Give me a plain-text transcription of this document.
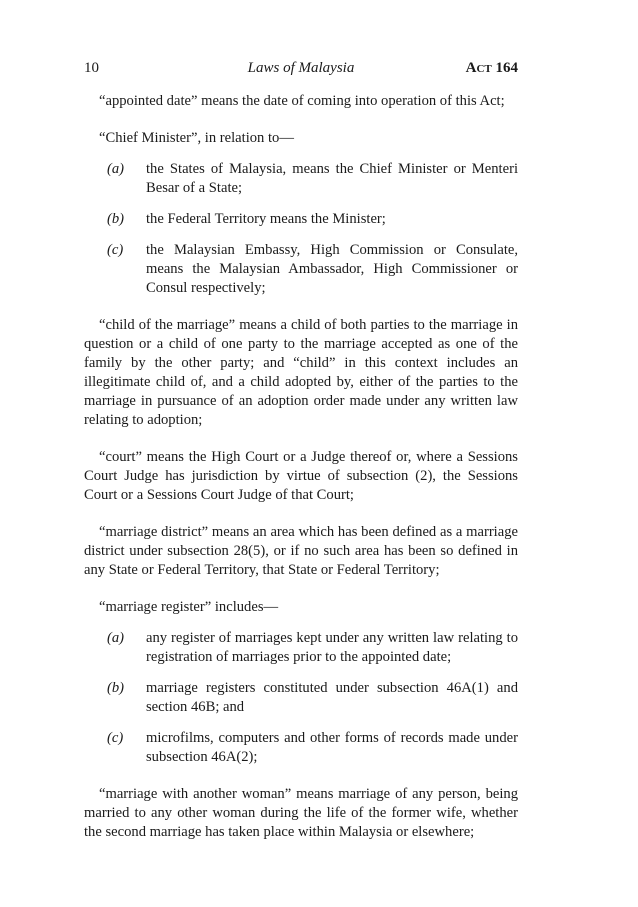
10	Laws of Malaysia	Act 164

“appointed date” means the date of coming into operation of this Act;

“Chief Minister”, in relation to—

(a) the States of Malaysia, means the Chief Minister or Menteri Besar of a State;
(b) the Federal Territory means the Minister;
(c) the Malaysian Embassy, High Commission or Consulate, means the Malaysian Ambassador, High Commissioner or Consul respectively;

“child of the marriage” means a child of both parties to the marriage in question or a child of one party to the marriage accepted as one of the family by the other party; and “child” in this context includes an illegitimate child of, and a child adopted by, either of the parties to the marriage in pursuance of an adoption order made under any written law relating to adoption;

“court” means the High Court or a Judge thereof or, where a Sessions Court Judge has jurisdiction by virtue of subsection (2), the Sessions Court or a Sessions Court Judge of that Court;

“marriage district” means an area which has been defined as a marriage district under subsection 28(5), or if no such area has been so defined in any State or Federal Territory, that State or Federal Territory;

“marriage register” includes—

(a) any register of marriages kept under any written law relating to registration of marriages prior to the appointed date;
(b) marriage registers constituted under subsection 46A(1) and section 46B; and
(c) microfilms, computers and other forms of records made under subsection 46A(2);

“marriage with another woman” means marriage of any person, being married to any other woman during the life of the former wife, whether the second marriage has taken place within Malaysia or elsewhere;
